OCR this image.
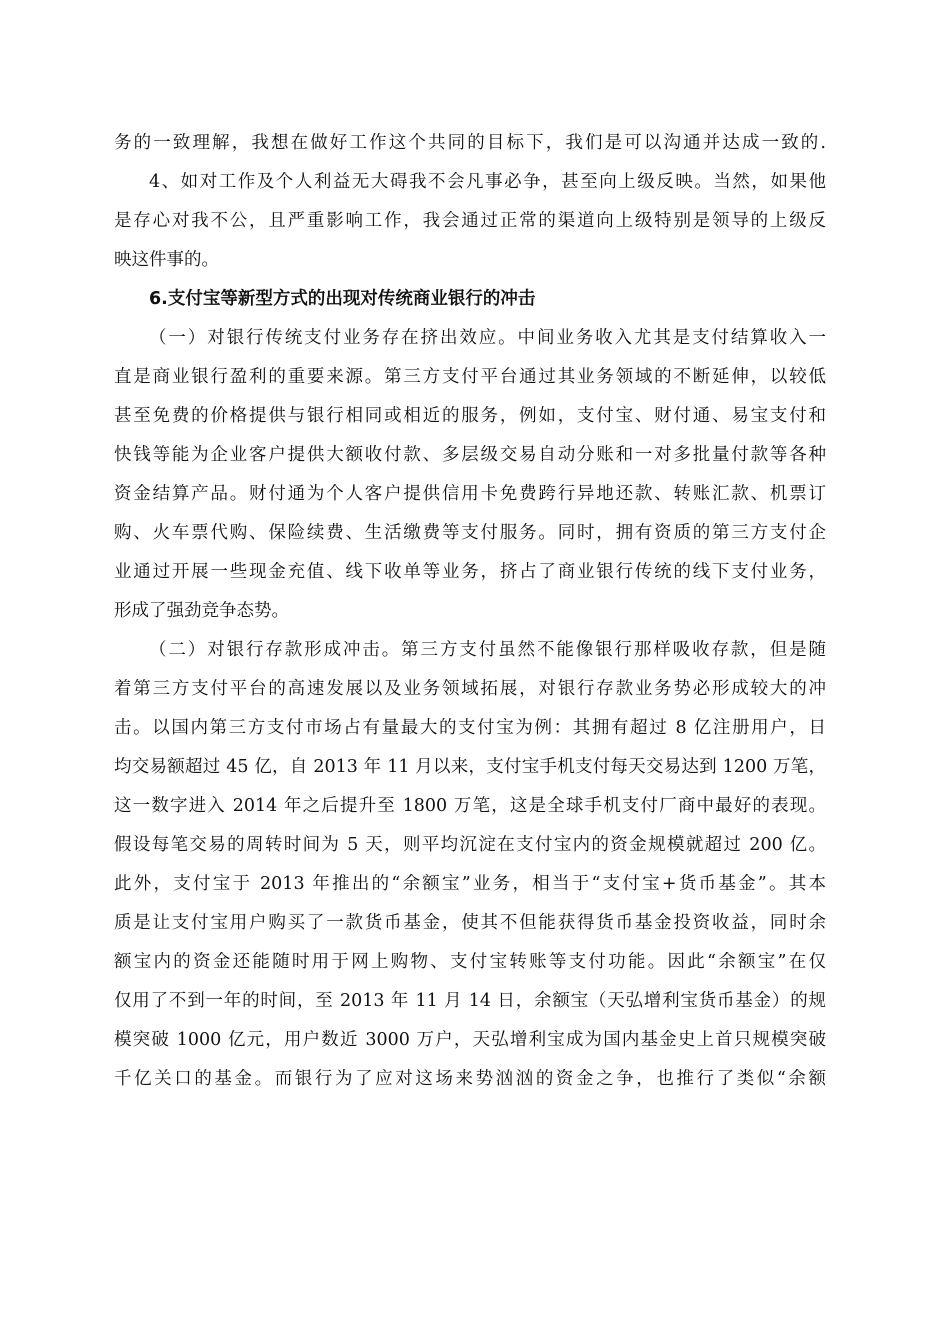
务的一致理解，我想在做好工作这个共同的目标下，我们是可以沟通并达成一致的.
4、如对工作及个人利益无大碍我不会凡事必争，甚至向上级反映。当然，如果他
是存心对我不公，且严重影响工作，我会通过正常的渠道向上级特别是领导的上级反
映这件事的。
6.支付宝等新型方式的出现对传统商业银行的冲击
（一）对银行传统支付业务存在挤出效应。中间业务收入尤其是支付结算收入一
直是商业银行盈利的重要来源。第三方支付平台通过其业务领域的不断延伸，以较低
甚至免费的价格提供与银行相同或相近的服务，例如，支付宝、财付通、易宝支付和
快钱等能为企业客户提供大额收付款、多层级交易自动分账和一对多批量付款等各种
资金结算产品。财付通为个人客户提供信用卡免费跨行异地还款、转账汇款、机票订
购、火车票代购、保险续费、生活缴费等支付服务。同时，拥有资质的第三方支付企
业通过开展一些现金充值、线下收单等业务，挤占了商业银行传统的线下支付业务，
形成了强劲竞争态势。
（二）对银行存款形成冲击。第三方支付虽然不能像银行那样吸收存款，但是随
着第三方支付平台的高速发展以及业务领域拓展，对银行存款业务势必形成较大的冲
击。以国内第三方支付市场占有量最大的支付宝为例：其拥有超过 8 亿注册用户，日
均交易额超过 45 亿，自 2013 年 11 月以来，支付宝手机支付每天交易达到 1200 万笔，
这一数字进入 2014 年之后提升至 1800 万笔，这是全球手机支付厂商中最好的表现。
假设每笔交易的周转时间为 5 天，则平均沉淀在支付宝内的资金规模就超过 200 亿。
此外，支付宝于 2013 年推出的“余额宝”业务，相当于“支付宝+货币基金”。其本
质是让支付宝用户购买了一款货币基金，使其不但能获得货币基金投资收益，同时余
额宝内的资金还能随时用于网上购物、支付宝转账等支付功能。因此“余额宝”在仅
仅用了不到一年的时间，至 2013 年 11 月 14 日，余额宝（天弘增利宝货币基金）的规
模突破 1000 亿元，用户数近 3000 万户，天弘增利宝成为国内基金史上首只规模突破
千亿关口的基金。而银行为了应对这场来势汹汹的资金之争，也推行了类似“余额
